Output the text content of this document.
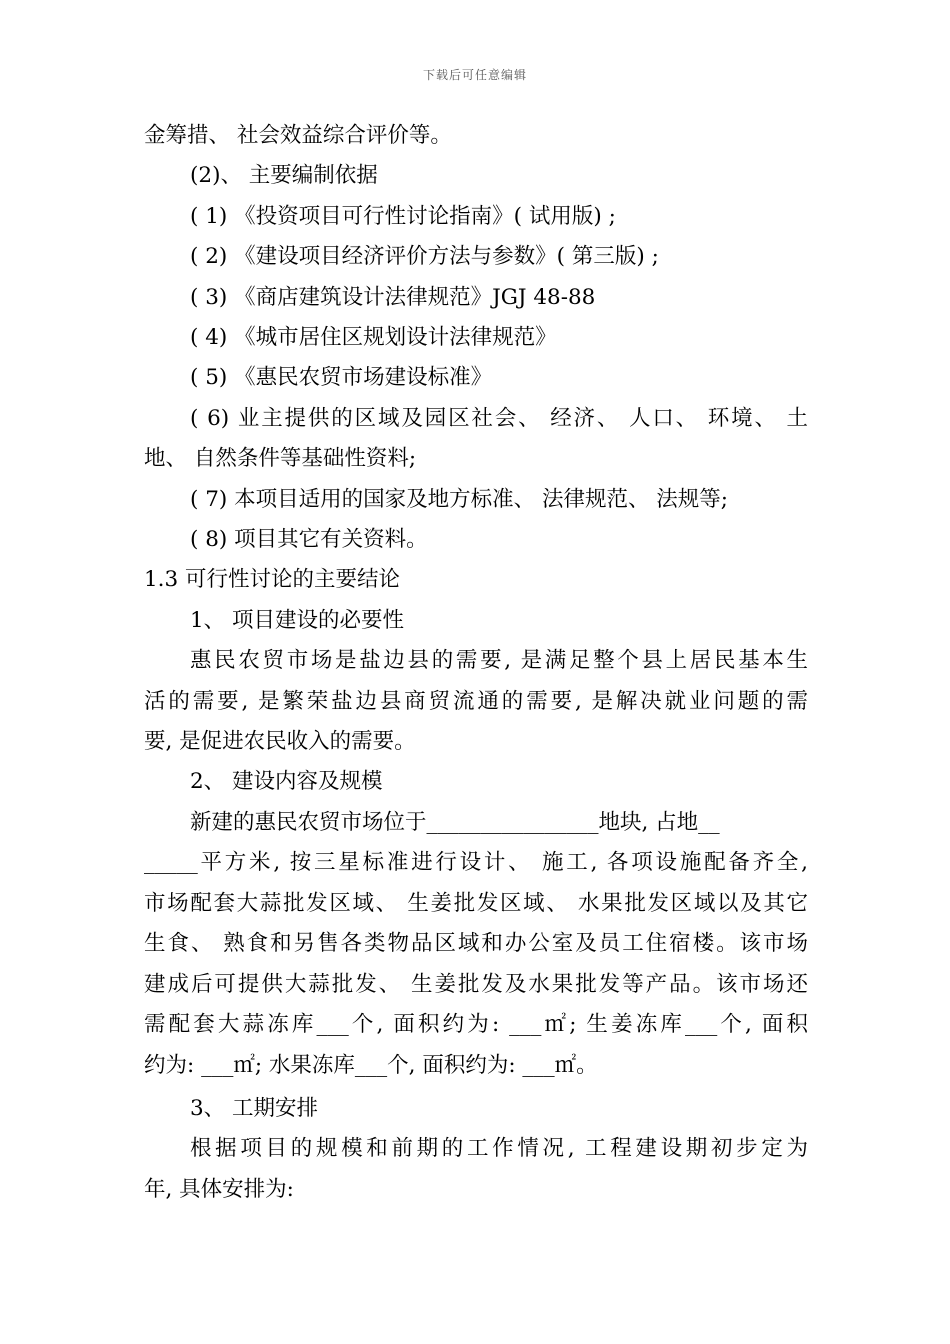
下载后可任意编辑
金筹措、 社会效益综合评价等。
(2)、 主要编制依据
( 1) 《投资项目可行性讨论指南》( 试用版) ;
( 2) 《建设项目经济评价方法与参数》( 第三版) ;
( 3) 《商店建筑设计法律规范》JGJ 48-88
( 4) 《城市居住区规划设计法律规范》
( 5) 《惠民农贸市场建设标准》
( 6) 业主提供的区域及园区社会、 经济、 人口、 环境、 土
地、 自然条件等基础性资料;
( 7) 本项目适用的国家及地方标准、 法律规范、 法规等;
( 8) 项目其它有关资料。
1.3 可行性讨论的主要结论
1、 项目建设的必要性
惠民农贸市场是盐边县的需要, 是满足整个县上居民基本生
活的需要, 是繁荣盐边县商贸流通的需要, 是解决就业问题的需
要, 是促进农民收入的需要。
2、 建设内容及规模
新建的惠民农贸市场位于________________地块, 占地__
_____平方米, 按三星标准进行设计、 施工, 各项设施配备齐全,
市场配套大蒜批发区域、 生姜批发区域、 水果批发区域以及其它
生食、 熟食和另售各类物品区域和办公室及员工住宿楼。该市场
建成后可提供大蒜批发、 生姜批发及水果批发等产品。该市场还
需配套大蒜冻库___个, 面积约为: ___㎡; 生姜冻库___个, 面积
约为: ___㎡; 水果冻库___个, 面积约为: ___㎡。
3、 工期安排
根据项目的规模和前期的工作情况, 工程建设期初步定为
年, 具体安排为:
